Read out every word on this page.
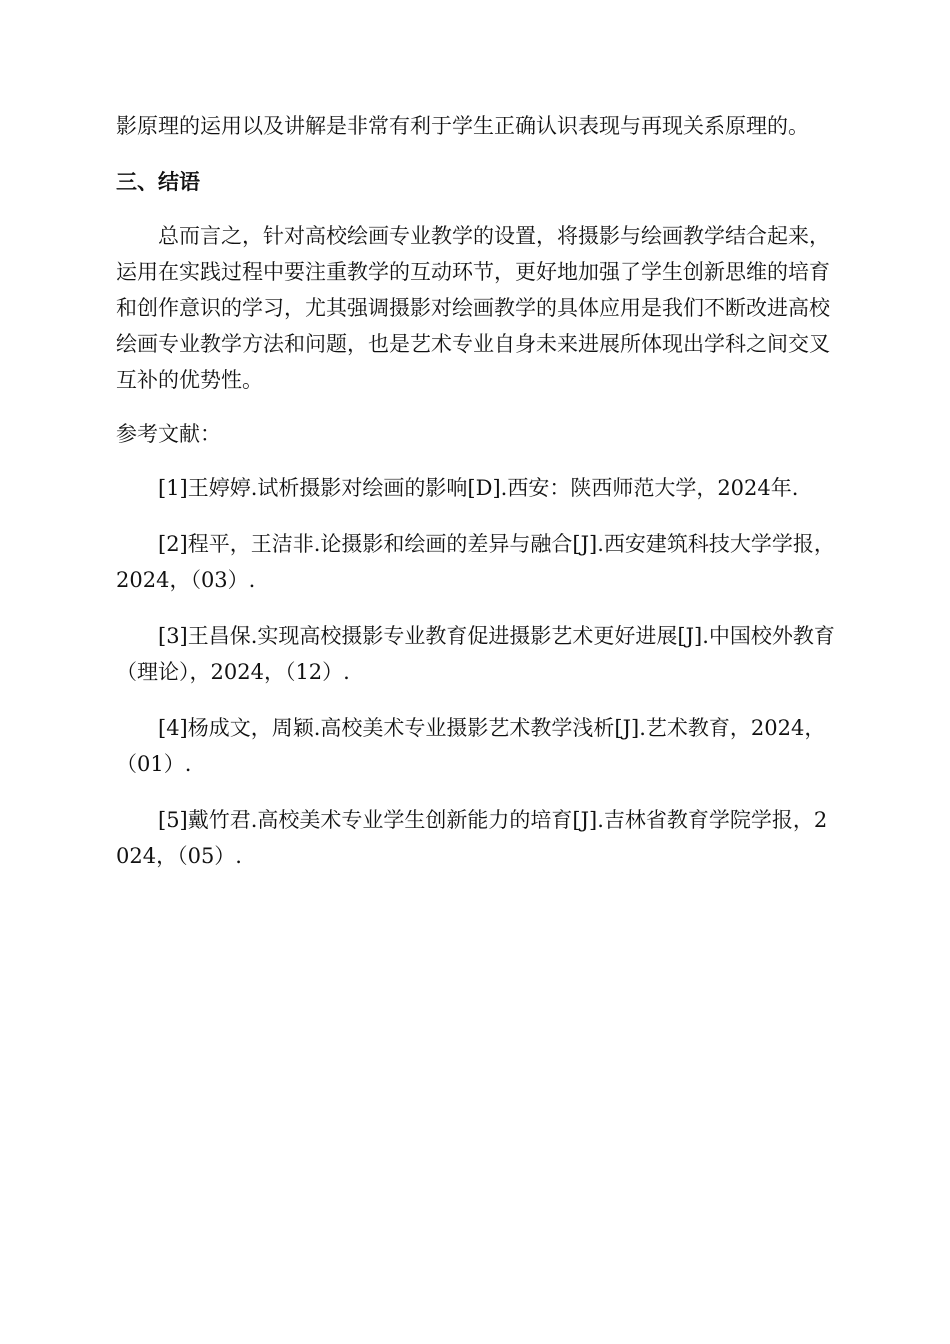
影原理的运用以及讲解是非常有利于学生正确认识表现与再现关系原理的。

三、结语

总而言之，针对高校绘画专业教学的设置，将摄影与绘画教学结合起来，运用在实践过程中要注重教学的互动环节，更好地加强了学生创新思维的培育和创作意识的学习，尤其强调摄影对绘画教学的具体应用是我们不断改进高校绘画专业教学方法和问题，也是艺术专业自身未来进展所体现出学科之间交叉互补的优势性。

参考文献：

[1]王婷婷.试析摄影对绘画的影响[D].西安：陕西师范大学，2024年.

[2]程平，王洁非.论摄影和绘画的差异与融合[J].西安建筑科技大学学报，2024，（03）.

[3]王昌保.实现高校摄影专业教育促进摄影艺术更好进展[J].中国校外教育（理论），2024，（12）.

[4]杨成文，周颖.高校美术专业摄影艺术教学浅析[J].艺术教育，2024，（01）.

[5]戴竹君.高校美术专业学生创新能力的培育[J].吉林省教育学院学报，2024，（05）.
